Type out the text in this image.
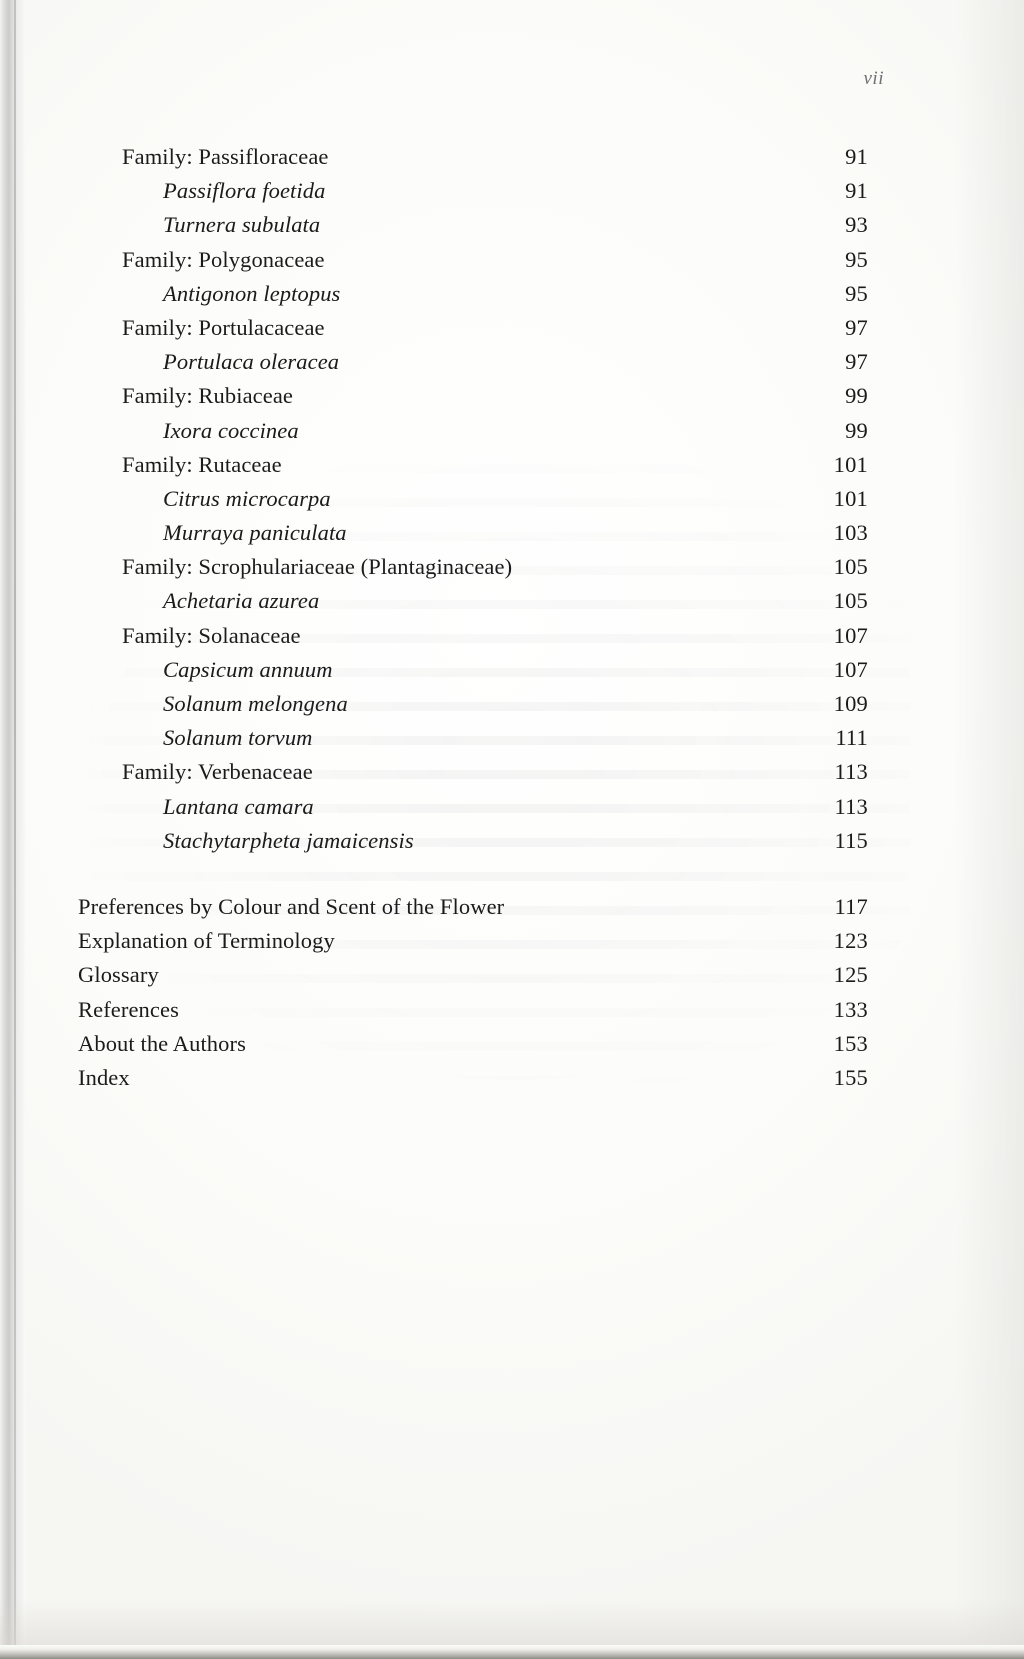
vii
Family: Passifloraceae	91
Passiflora foetida	91
Turnera subulata	93
Family: Polygonaceae	95
Antigonon leptopus	95
Family: Portulacaceae	97
Portulaca oleracea	97
Family: Rubiaceae	99
Ixora coccinea	99
Family: Rutaceae	101
Citrus microcarpa	101
Murraya paniculata	103
Family: Scrophulariaceae (Plantaginaceae)	105
Achetaria azurea	105
Family: Solanaceae	107
Capsicum annuum	107
Solanum melongena	109
Solanum torvum	111
Family: Verbenaceae	113
Lantana camara	113
Stachytarpheta jamaicensis	115
Preferences by Colour and Scent of the Flower	117
Explanation of Terminology	123
Glossary	125
References	133
About the Authors	153
Index	155
